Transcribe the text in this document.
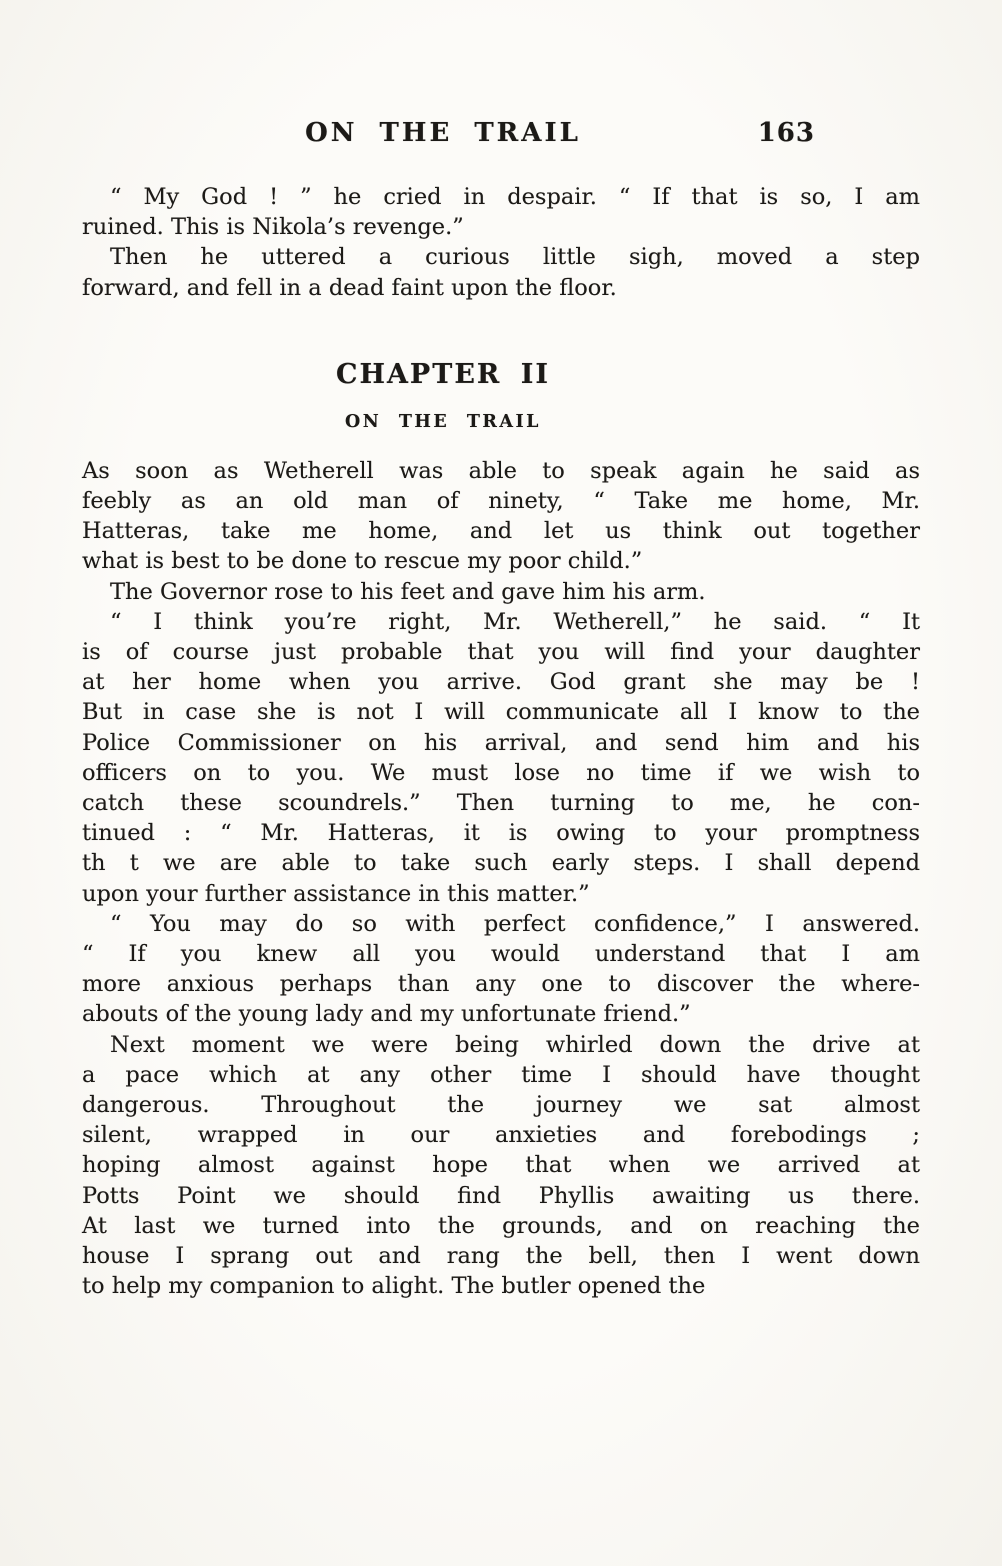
ON THE TRAIL	163
“ My God ! ” he cried in despair. “ If that is so, I am
ruined. This is Nikola’s revenge.”
Then he uttered a curious little sigh, moved a step
forward, and fell in a dead faint upon the floor.
CHAPTER II
ON THE TRAIL
As soon as Wetherell was able to speak again he said as
feebly as an old man of ninety, “ Take me home, Mr.
Hatteras, take me home, and let us think out together
what is best to be done to rescue my poor child.”
The Governor rose to his feet and gave him his arm.
“ I think you’re right, Mr. Wetherell,” he said. “ It
is of course just probable that you will find your daughter
at her home when you arrive. God grant she may be !
But in case she is not I will communicate all I know to the
Police Commissioner on his arrival, and send him and his
officers on to you. We must lose no time if we wish to
catch these scoundrels.” Then turning to me, he con-
tinued : “ Mr. Hatteras, it is owing to your promptness
th t we are able to take such early steps. I shall depend
upon your further assistance in this matter.”
“ You may do so with perfect confidence,” I answered.
“ If you knew all you would understand that I am
more anxious perhaps than any one to discover the where-
abouts of the young lady and my unfortunate friend.”
Next moment we were being whirled down the drive at
a pace which at any other time I should have thought
dangerous. Throughout the journey we sat almost
silent, wrapped in our anxieties and forebodings ;
hoping almost against hope that when we arrived at
Potts Point we should find Phyllis awaiting us there.
At last we turned into the grounds, and on reaching the
house I sprang out and rang the bell, then I went down
to help my companion to alight. The butler opened the
